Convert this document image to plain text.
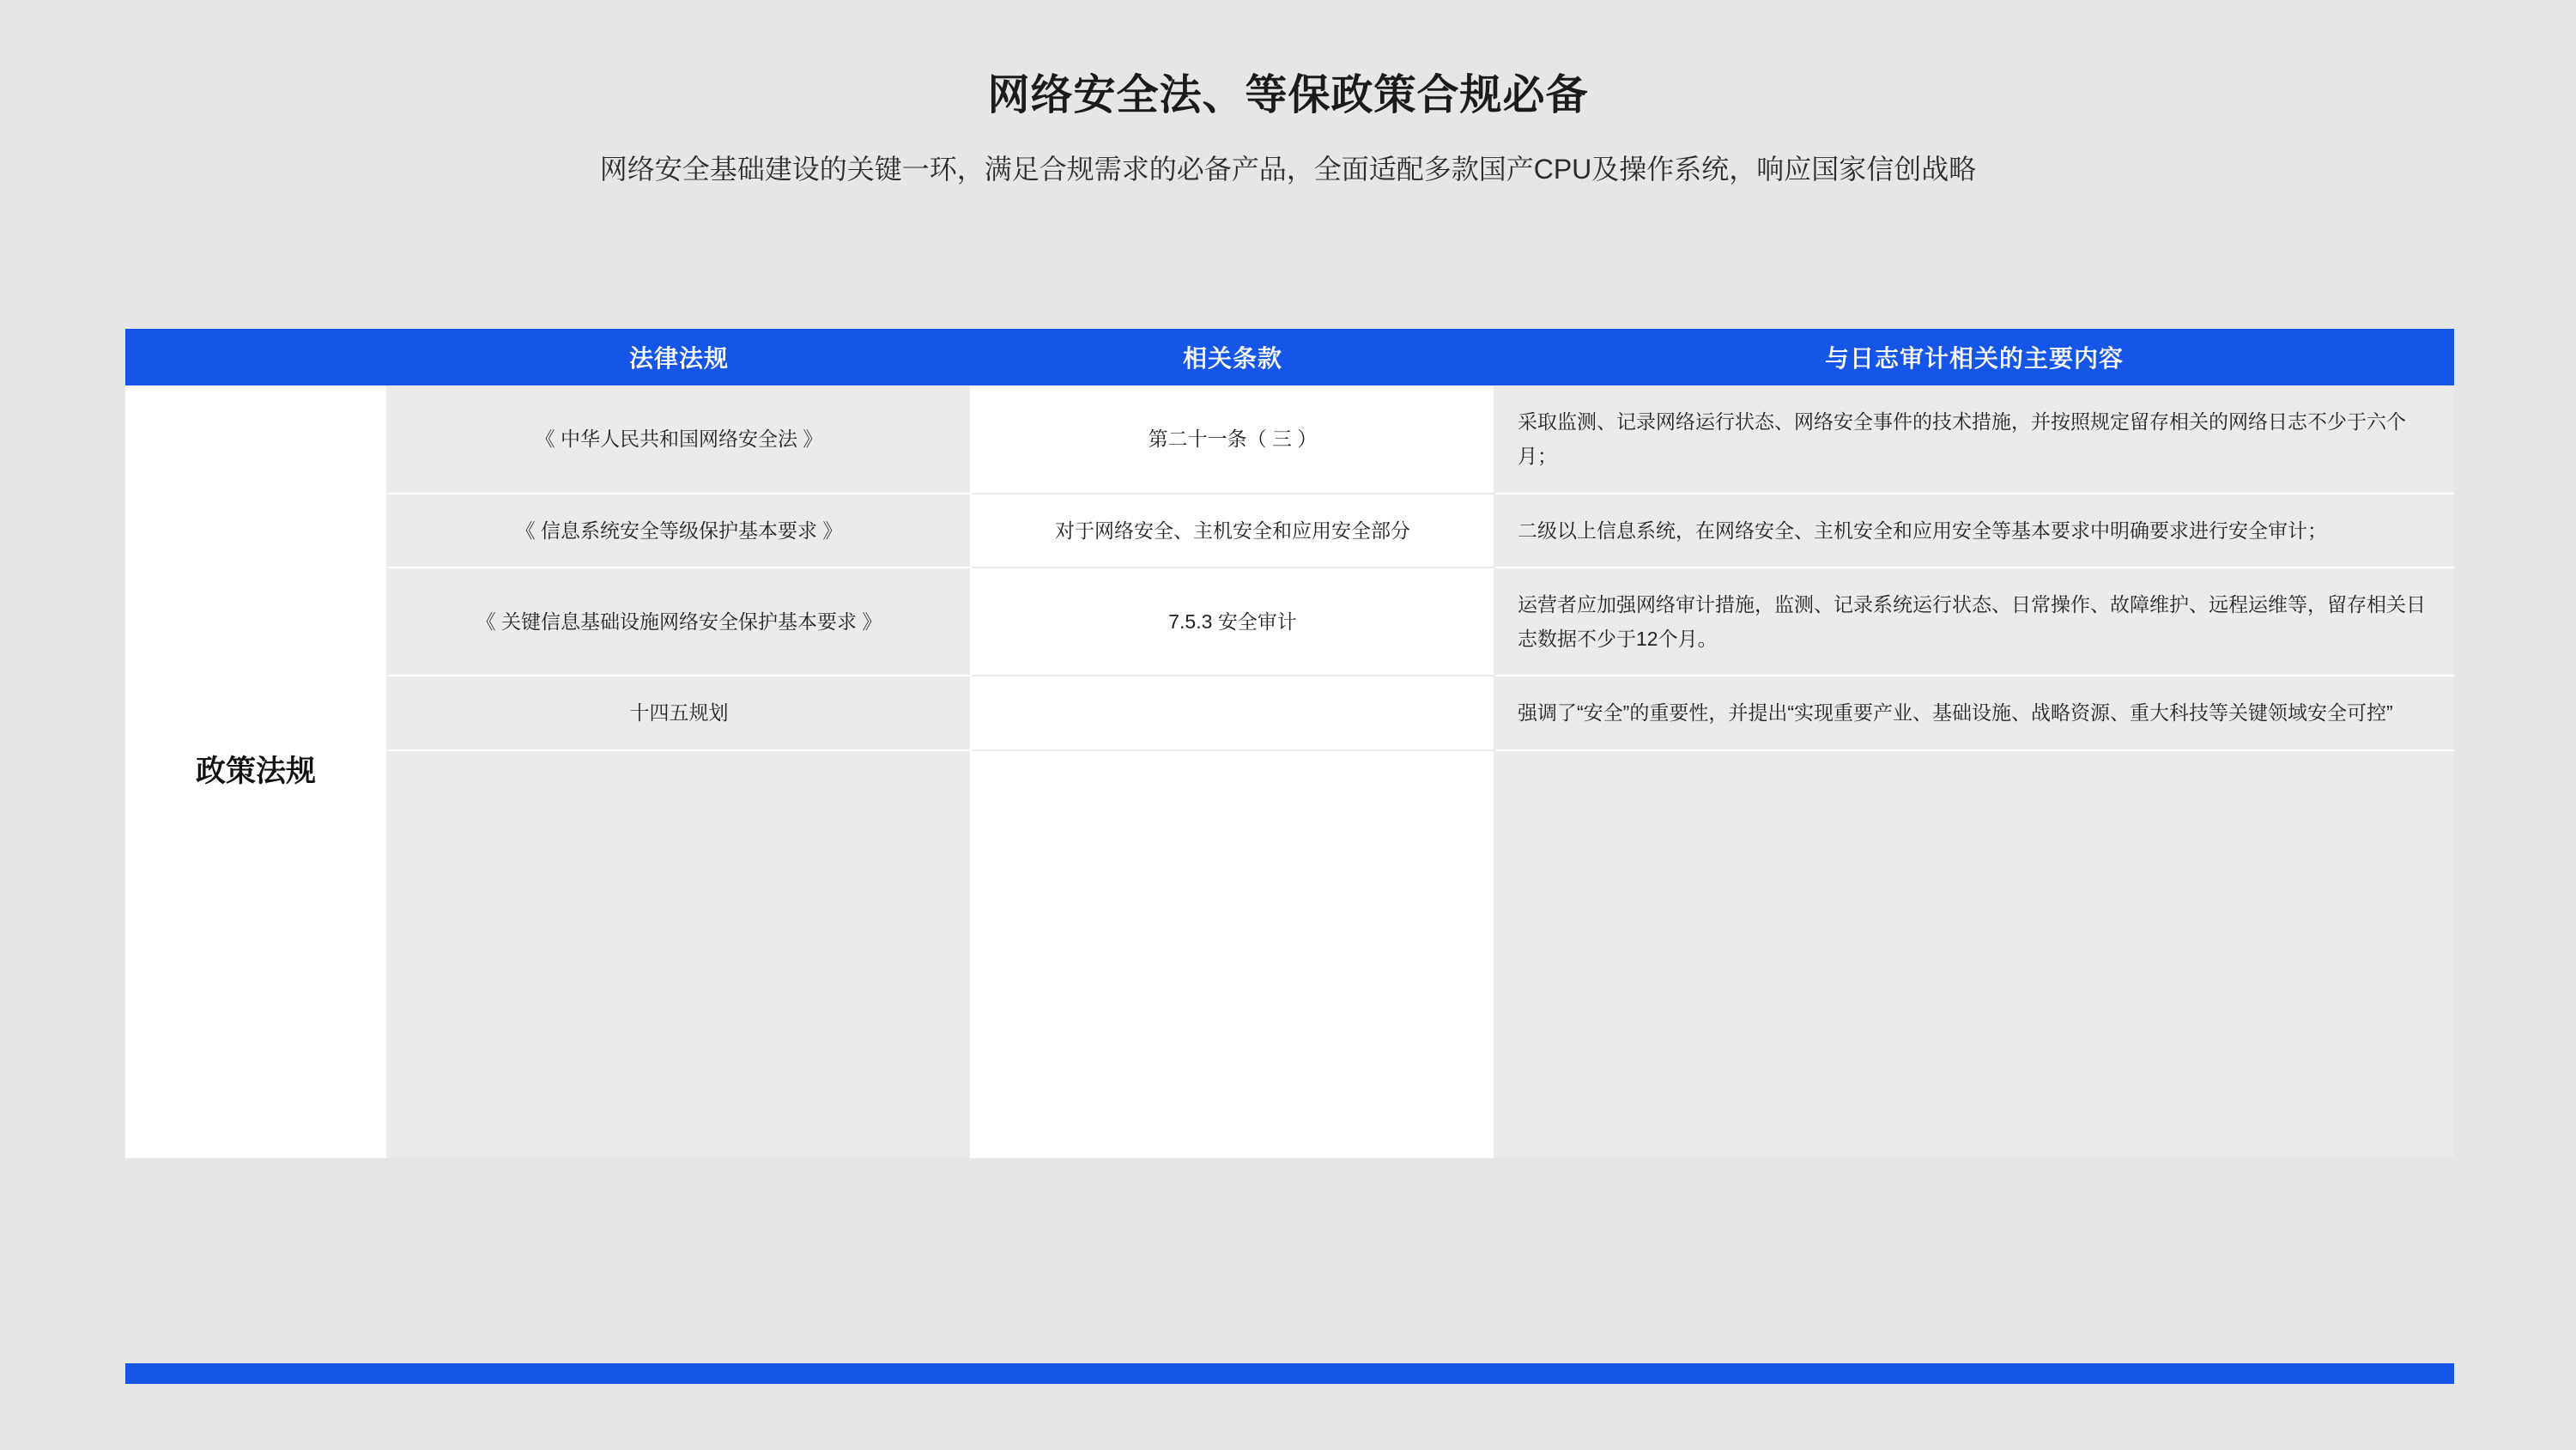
网络安全法、等保政策合规必备
网络安全基础建设的关键一环，满足合规需求的必备产品，全面适配多款国产CPU及操作系统，响应国家信创战略
	法律法规	相关条款	与日志审计相关的主要内容
政策法规	《 中华人民共和国网络安全法 》	第二十一条（ 三 ）	采取监测、记录网络运行状态、网络安全事件的技术措施，并按照规定留存相关的网络日志不少于六个月；
	《 信息系统安全等级保护基本要求 》	对于网络安全、主机安全和应用安全部分	二级以上信息系统，在网络安全、主机安全和应用安全等基本要求中明确要求进行安全审计；
	《 关键信息基础设施网络安全保护基本要求 》	7.5.3 安全审计	运营者应加强网络审计措施，监测、记录系统运行状态、日常操作、故障维护、远程运维等，留存相关日志数据不少于12个月。
	十四五规划		强调了“安全”的重要性，并提出“实现重要产业、基础设施、战略资源、重大科技等关键领域安全可控”
